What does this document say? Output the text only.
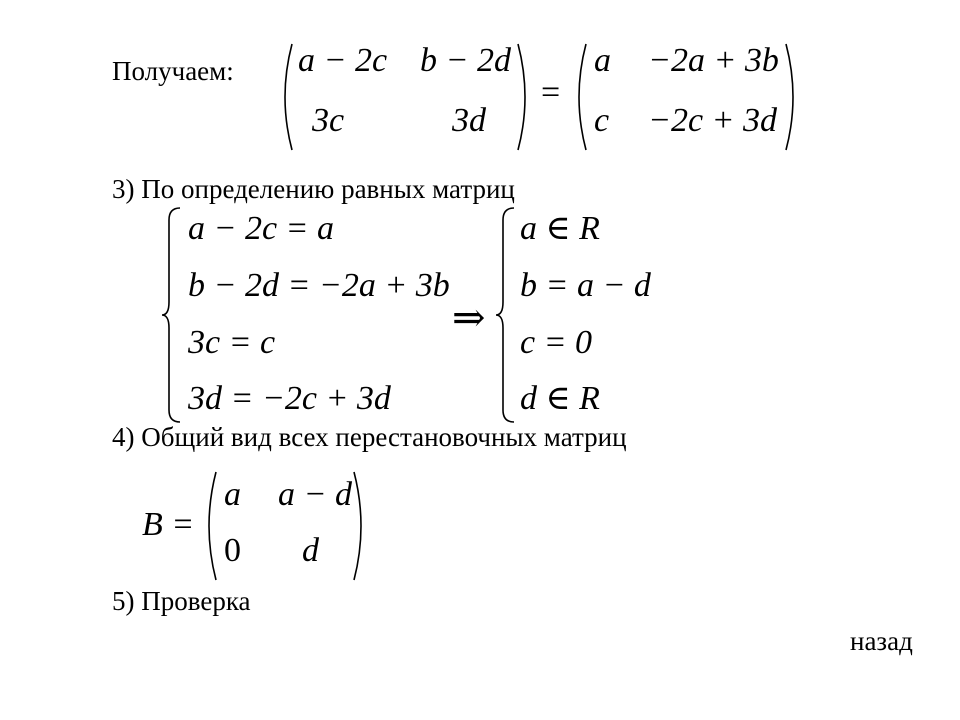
Получаем: a − 2c b − 2d
3c	3d
=
a −2a + 3b
c −2c + 3d
3) По определению равных матриц
a − 2c = a
b − 2d = −2a + 3b
3c = c
3d = −2c + 3d
⇒
a ∈ R
b = a − d
c = 0
d ∈ R
4) Общий вид всех перестановочных матриц
B =
a a − d
0 d
5) Проверка
назад
